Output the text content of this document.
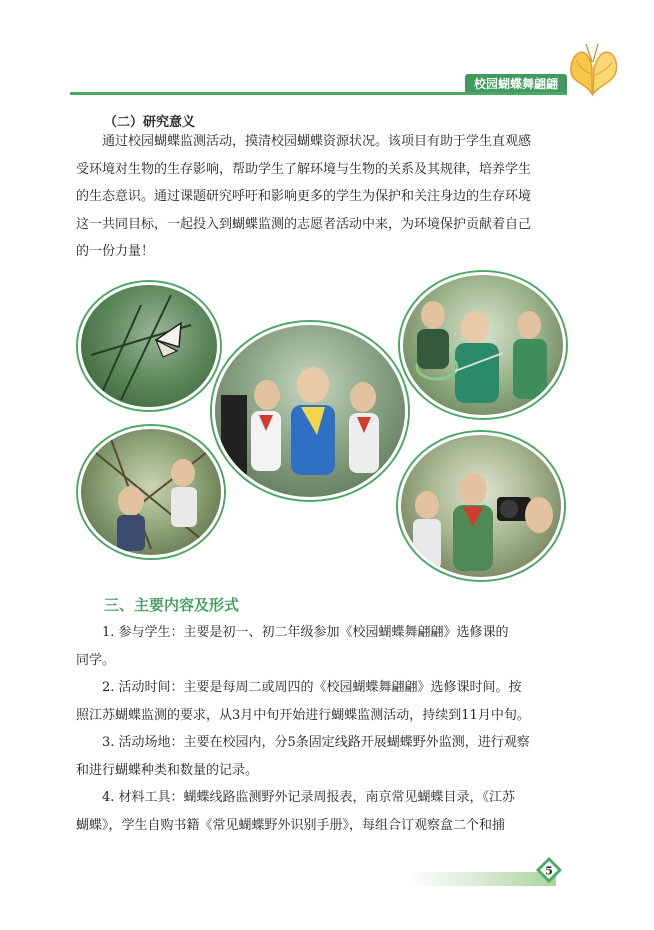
校园蝴蝶舞翩翩
（二）研究意义
通过校园蝴蝶监测活动，摸清校园蝴蝶资源状况。该项目有助于学生直观感
受环境对生物的生存影响，帮助学生了解环境与生物的关系及其规律，培养学生
的生态意识。通过课题研究呼吁和影响更多的学生为保护和关注身边的生存环境
这一共同目标，一起投入到蝴蝶监测的志愿者活动中来，为环境保护贡献着自己
的一份力量！
三、主要内容及形式
1. 参与学生：主要是初一、初二年级参加《校园蝴蝶舞翩翩》选修课的
同学。
2. 活动时间：主要是每周二或周四的《校园蝴蝶舞翩翩》选修课时间。按
照江苏蝴蝶监测的要求，从3月中旬开始进行蝴蝶监测活动，持续到11月中旬。
3. 活动场地：主要在校园内，分5条固定线路开展蝴蝶野外监测，进行观察
和进行蝴蝶种类和数量的记录。
4. 材料工具：蝴蝶线路监测野外记录周报表，南京常见蝴蝶目录，《江苏
蝴蝶》，学生自购书籍《常见蝴蝶野外识别手册》，每组合订观察盒二个和捕
5
